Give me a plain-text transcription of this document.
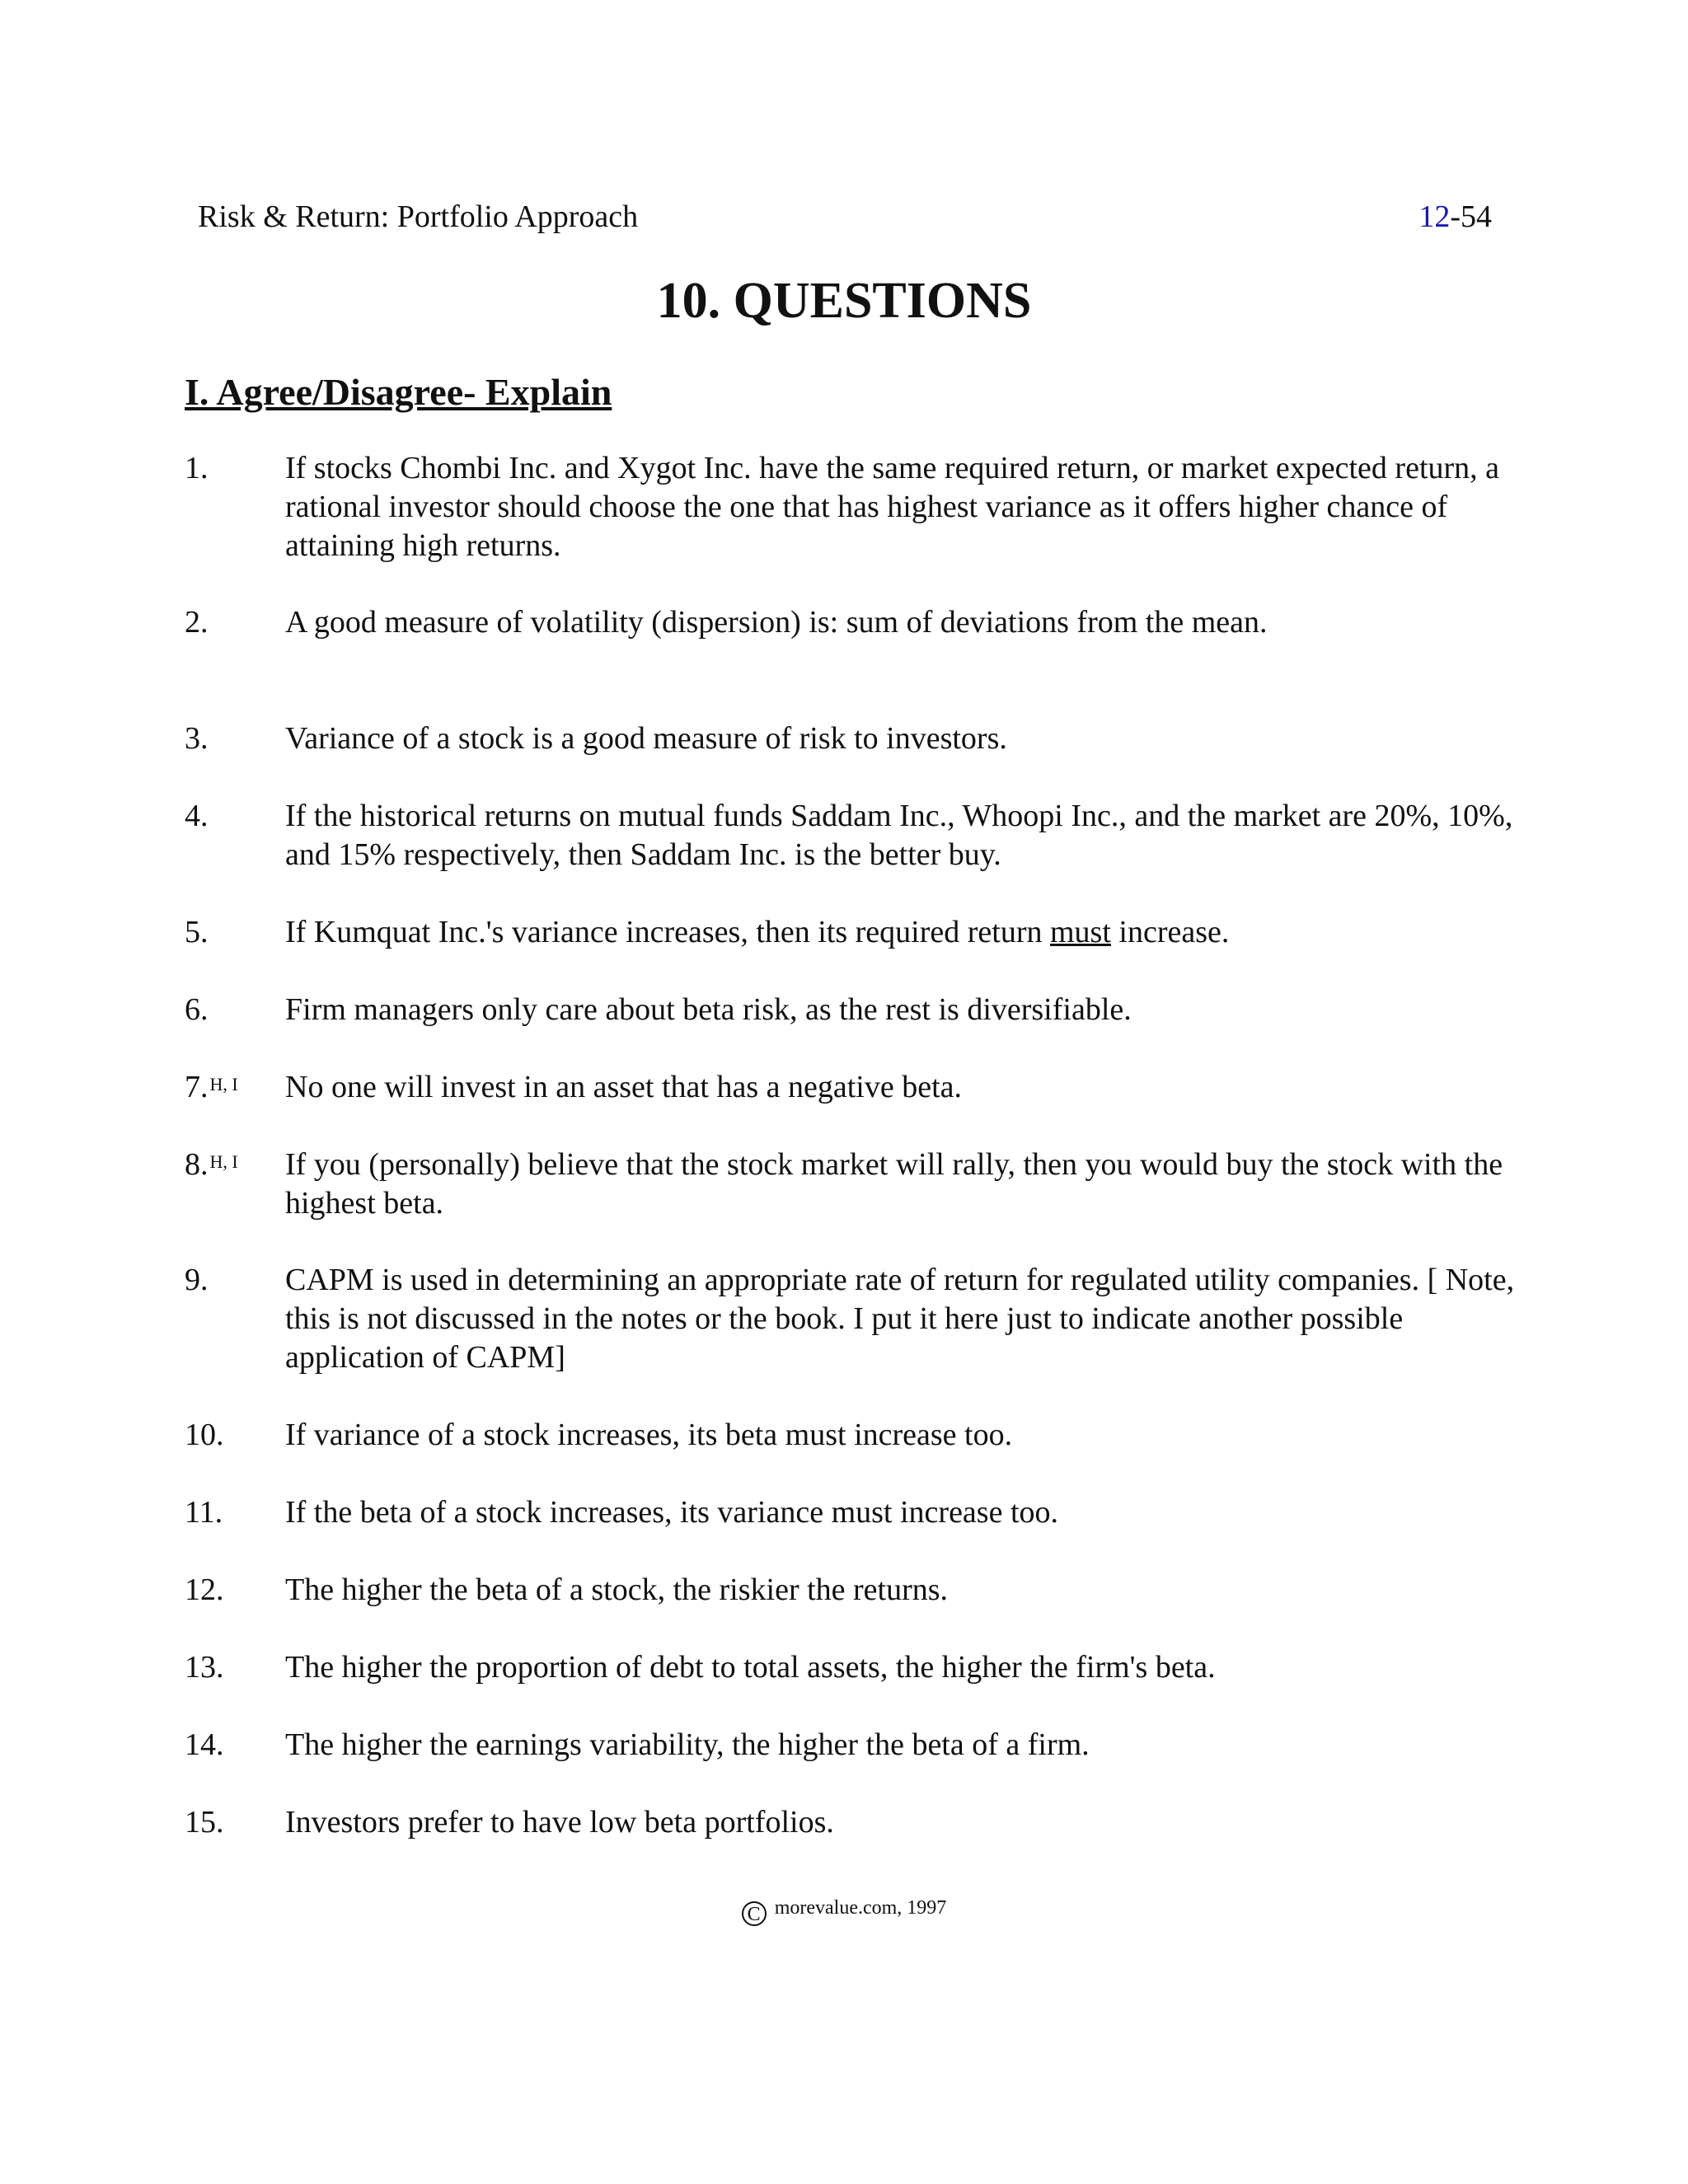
Risk & Return: Portfolio Approach	12-54
10. QUESTIONS
I. Agree/Disagree- Explain
1.	If stocks Chombi Inc. and Xygot Inc. have the same required return, or market expected return, a rational investor should choose the one that has highest variance as it offers higher chance of attaining high returns.
2.	A good measure of volatility (dispersion) is: sum of deviations from the mean.
3.	Variance of a stock is a good measure of risk to investors.
4.	If the historical returns on mutual funds Saddam Inc., Whoopi Inc., and the market are 20%, 10%, and 15% respectively, then Saddam Inc. is the better buy.
5.	If Kumquat Inc.'s variance increases, then its required return must increase.
6.	Firm managers only care about beta risk, as the rest is diversifiable.
7.$^{H, I}$	No one will invest in an asset that has a negative beta.
8.$^{H, I}$	If you (personally) believe that the stock market will rally, then you would buy the stock with the highest beta.
9.	CAPM is used in determining an appropriate rate of return for regulated utility companies. [ Note, this is not discussed in the notes or the book. I put it here just to indicate another possible application of CAPM]
10.	If variance of a stock increases, its beta must increase too.
11.	If the beta of a stock increases, its variance must increase too.
12.	The higher the beta of a stock, the riskier the returns.
13.	The higher the proportion of debt to total assets, the higher the firm's beta.
14.	The higher the earnings variability, the higher the beta of a firm.
15.	Investors prefer to have low beta portfolios.
C morevalue.com, 1997
